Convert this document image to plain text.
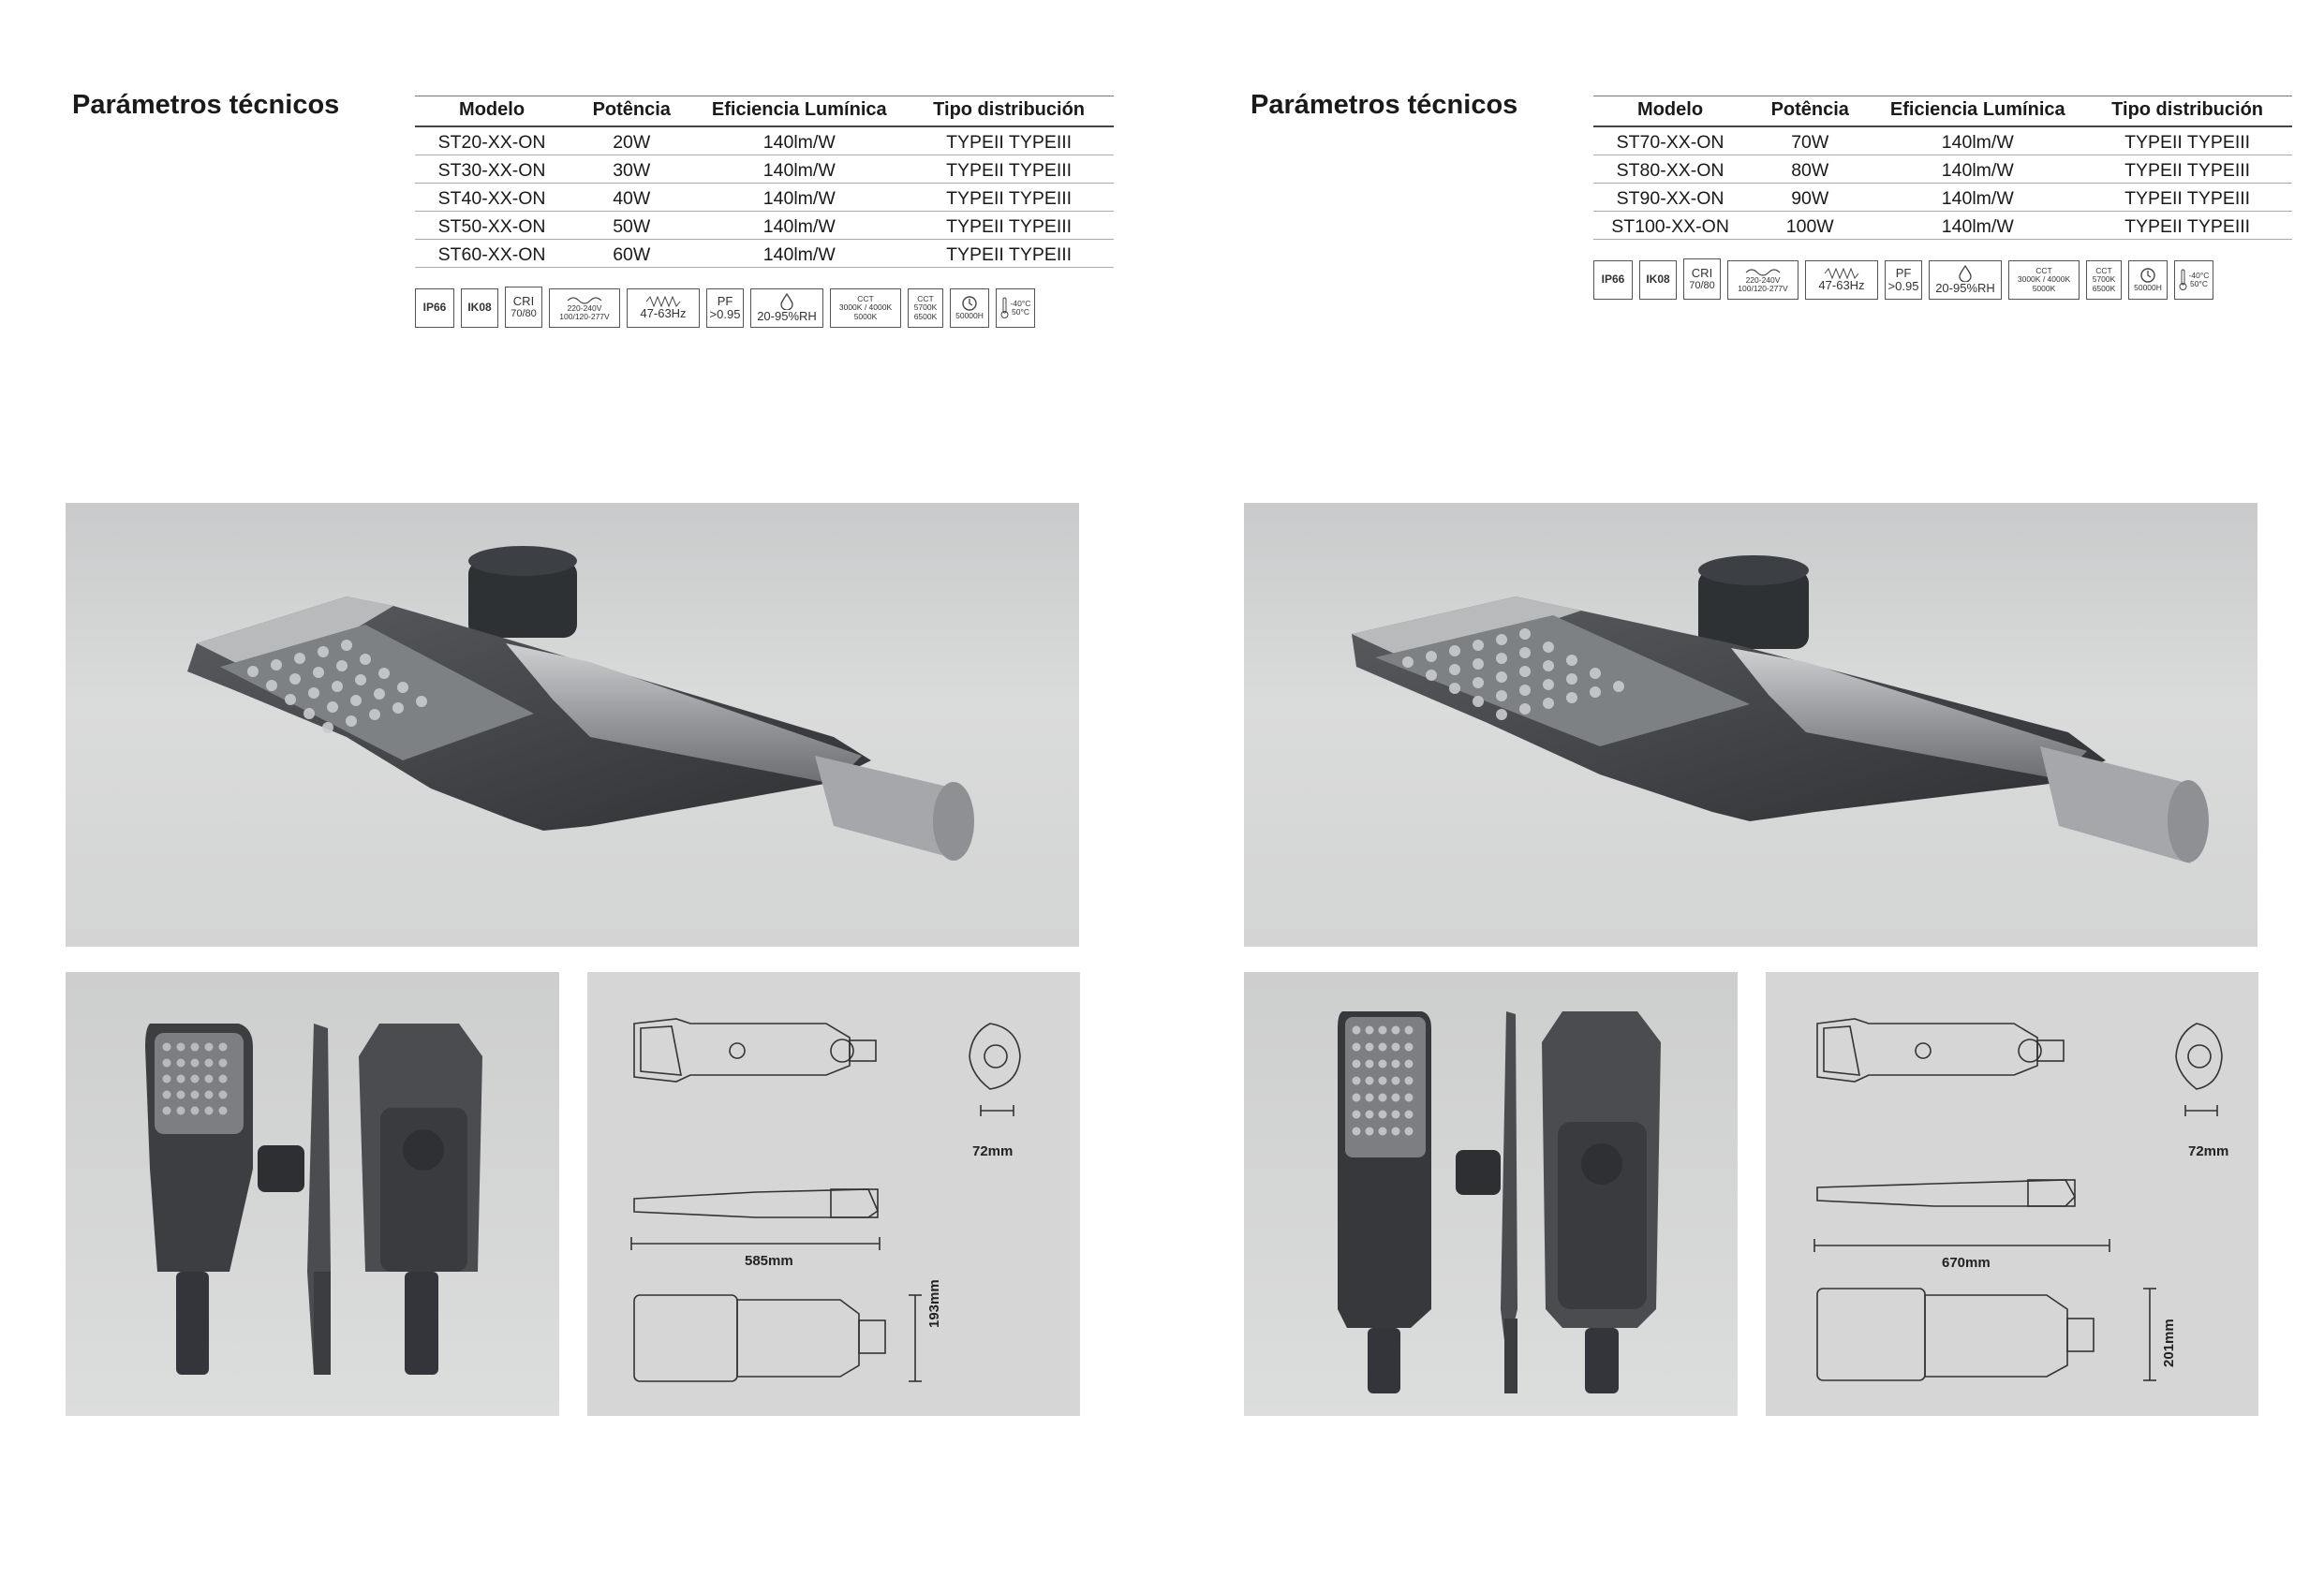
Parámetros técnicos	Modelo	Potência	Eficiencia Lumínica	Tipo distribución
ST20-XX-ON	20W	140lm/W	TYPEII TYPEIII
ST30-XX-ON	30W	140lm/W	TYPEII TYPEIII
ST40-XX-ON	40W	140lm/W	TYPEII TYPEIII
ST50-XX-ON	50W	140lm/W	TYPEII TYPEIII
ST60-XX-ON	60W	140lm/W	TYPEII TYPEIII
IP66 IK08 CRI
70/80
220-240V
100/120-277V	47-63Hz
PF
>0.95 20-95%RH
CCT
3000K / 4000K
5000K
CCT
5700K
6500K 50000H
-40°C
50°C
72mm
585mm
193mm
Parámetros técnicos	Modelo	Potência	Eficiencia Lumínica	Tipo distribución
ST70-XX-ON	70W	140lm/W	TYPEII TYPEIII
ST80-XX-ON	80W	140lm/W	TYPEII TYPEIII
ST90-XX-ON	90W	140lm/W	TYPEII TYPEIII
ST100-XX-ON	100W	140lm/W	TYPEII TYPEIII
IP66 IK08 CRI
70/80
220-240V
100/120-277V	47-63Hz
PF
>0.95 20-95%RH
CCT
3000K / 4000K
5000K
CCT
5700K
6500K 50000H
-40°C
50°C
72mm
670mm
201mm
